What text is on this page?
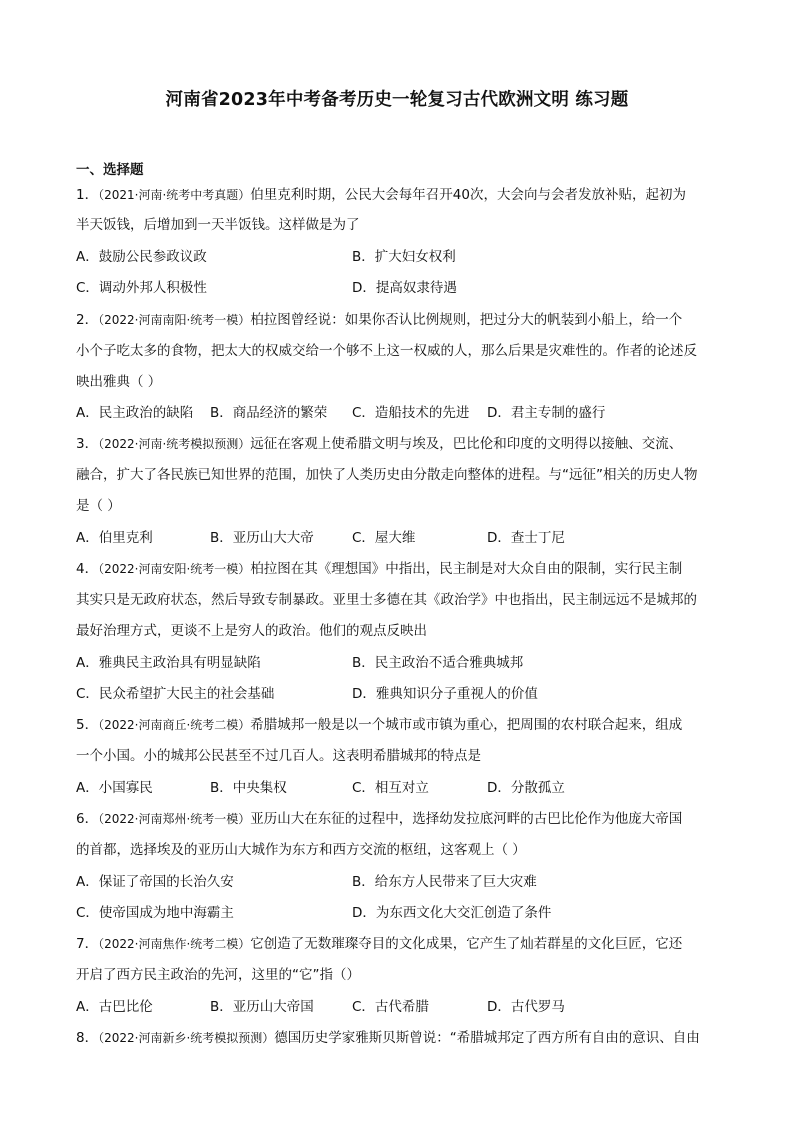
河南省2023年中考备考历史一轮复习古代欧洲文明 练习题
一、选择题
1．（2021·河南·统考中考真题）伯里克利时期，公民大会每年召开40次，大会向与会者发放补贴，起初为
半天饭钱，后增加到一天半饭钱。这样做是为了
A．鼓励公民参政议政	B．扩大妇女权利
C．调动外邦人积极性	D．提高奴隶待遇
2．（2022·河南南阳·统考一模）柏拉图曾经说：如果你否认比例规则，把过分大的帆装到小船上，给一个
小个子吃太多的食物，把太大的权威交给一个够不上这一权威的人，那么后果是灾难性的。作者的论述反
映出雅典（ ）
A．民主政治的缺陷 B．商品经济的繁荣 C．造船技术的先进 D．君主专制的盛行
3．（2022·河南·统考模拟预测）远征在客观上使希腊文明与埃及，巴比伦和印度的文明得以接触、交流、
融合，扩大了各民族已知世界的范围，加快了人类历史由分散走向整体的进程。与“远征”相关的历史人物
是（ ）
A．伯里克利	B．亚历山大大帝	C．屋大维	D．查士丁尼
4．（2022·河南安阳·统考一模）柏拉图在其《理想国》中指出，民主制是对大众自由的限制，实行民主制
其实只是无政府状态，然后导致专制暴政。亚里士多德在其《政治学》中也指出，民主制远远不是城邦的
最好治理方式，更谈不上是穷人的政治。他们的观点反映出
A．雅典民主政治具有明显缺陷	B．民主政治不适合雅典城邦
C．民众希望扩大民主的社会基础	D．雅典知识分子重视人的价值
5．（2022·河南商丘·统考二模）希腊城邦一般是以一个城市或市镇为重心，把周围的农村联合起来，组成
一个小国。小的城邦公民甚至不过几百人。这表明希腊城邦的特点是
A．小国寡民	B．中央集权	C．相互对立	D．分散孤立
6．（2022·河南郑州·统考一模）亚历山大在东征的过程中，选择幼发拉底河畔的古巴比伦作为他庞大帝国
的首都，选择埃及的亚历山大城作为东方和西方交流的枢纽，这客观上（ ）
A．保证了帝国的长治久安	B．给东方人民带来了巨大灾难
C．使帝国成为地中海霸主	D．为东西文化大交汇创造了条件
7．（2022·河南焦作·统考二模）它创造了无数璀璨夺目的文化成果，它产生了灿若群星的文化巨匠，它还
开启了西方民主政治的先河，这里的“它”指（）
A．古巴比伦	B．亚历山大帝国	C．古代希腊	D．古代罗马
8．（2022·河南新乡·统考模拟预测）德国历史学家雅斯贝斯曾说：“希腊城邦定了西方所有自由的意识、自由
